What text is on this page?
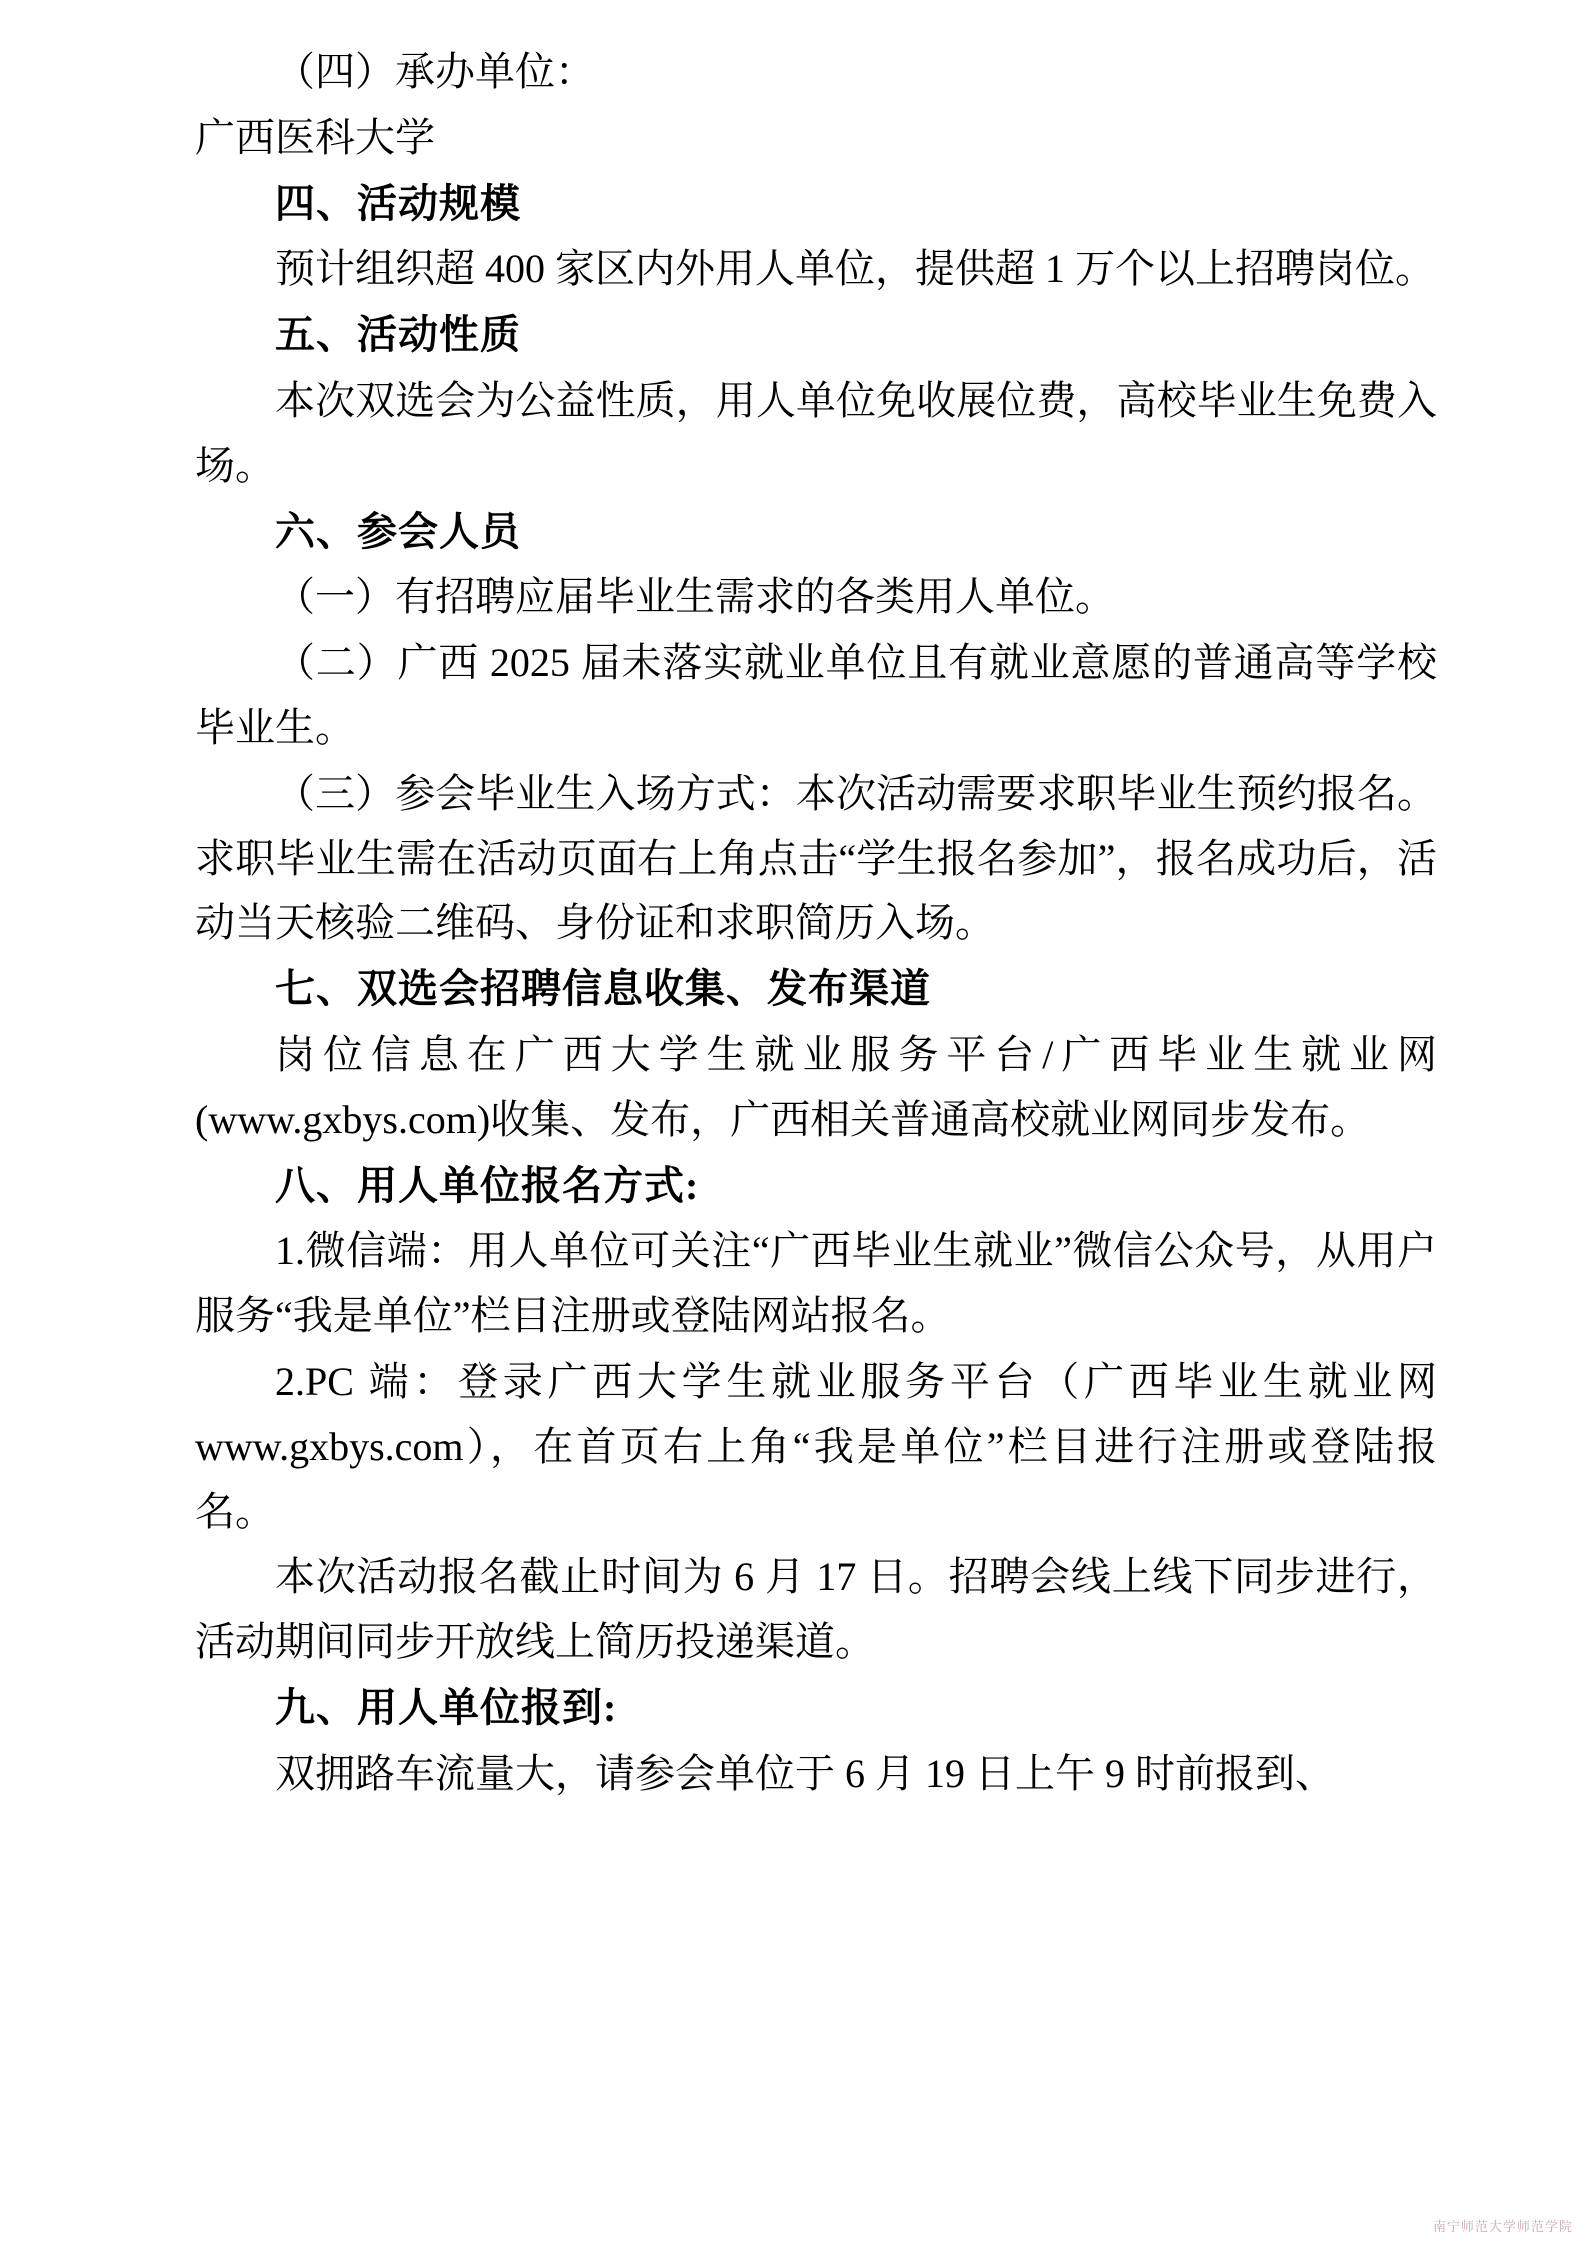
（四）承办单位：

广西医科大学

四、活动规模

预计组织超 400 家区内外用人单位，提供超 1 万个以上招聘岗位。

五、活动性质

本次双选会为公益性质，用人单位免收展位费，高校毕业生免费入场。

六、参会人员

（一）有招聘应届毕业生需求的各类用人单位。

（二）广西 2025 届未落实就业单位且有就业意愿的普通高等学校毕业生。

（三）参会毕业生入场方式：本次活动需要求职毕业生预约报名。求职毕业生需在活动页面右上角点击“学生报名参加”，报名成功后，活动当天核验二维码、身份证和求职简历入场。

七、双选会招聘信息收集、发布渠道

岗位信息在广西大学生就业服务平台/广西毕业生就业网(www.gxbys.com)收集、发布，广西相关普通高校就业网同步发布。

八、用人单位报名方式:

1.微信端：用人单位可关注“广西毕业生就业”微信公众号，从用户服务“我是单位”栏目注册或登陆网站报名。

2.PC 端：登录广西大学生就业服务平台（广西毕业生就业网 www.gxbys.com），在首页右上角“我是单位”栏目进行注册或登陆报名。

本次活动报名截止时间为 6 月 17 日。招聘会线上线下同步进行，活动期间同步开放线上简历投递渠道。

九、用人单位报到:

双拥路车流量大，请参会单位于 6 月 19 日上午 9 时前报到、

南宁师范大学师范学院
